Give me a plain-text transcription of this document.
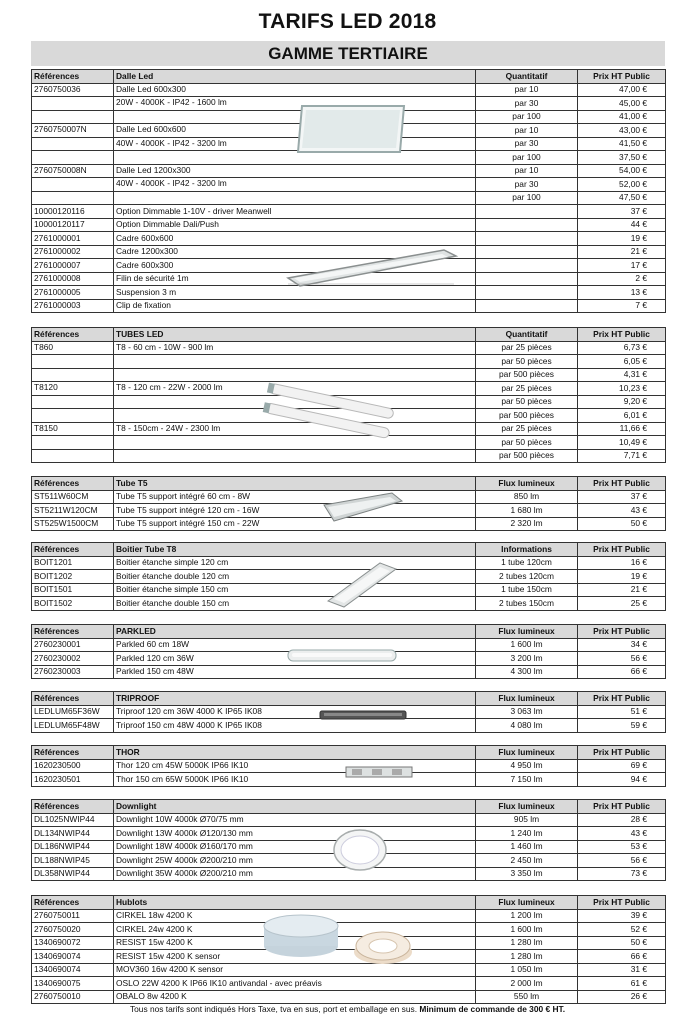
TARIFS LED 2018
GAMME TERTIAIRE
Références	Dalle Led	Quantitatif	Prix HT Public
2760750036	Dalle Led 600x300	par 10	47,00 €
	20W - 4000K - IP42 - 1600 lm	par 30	45,00 €
		par 100	41,00 €
2760750007N	Dalle Led 600x600	par 10	43,00 €
	40W - 4000K - IP42 - 3200 lm	par 30	41,50 €
		par 100	37,50 €
2760750008N	Dalle Led 1200x300	par 10	54,00 €
	40W - 4000K - IP42 - 3200 lm	par 30	52,00 €
		par 100	47,50 €
10000120116	Option Dimmable 1-10V - driver Meanwell		37 €
10000120117	Option Dimmable Dali/Push		44 €
2761000001	Cadre 600x600		19 €
2761000002	Cadre 1200x300		21 €
2761000007	Cadre 600x300		17 €
2761000008	Filin de sécurité 1m		2 €
2761000005	Suspension 3 m		13 €
2761000003	Clip de fixation		7 €
Références	TUBES LED	Quantitatif	Prix HT Public
T860	T8 - 60 cm - 10W - 900 lm	par 25 pièces	6,73 €
		par 50 pièces	6,05 €
		par 500 pièces	4,31 €
T8120	T8 - 120 cm - 22W - 2000 lm	par 25 pièces	10,23 €
		par 50 pièces	9,20 €
		par 500 pièces	6,01 €
T8150	T8 - 150cm - 24W - 2300 lm	par 25 pièces	11,66 €
		par 50 pièces	10,49 €
		par 500 pièces	7,71 €
Références	Tube T5	Flux lumineux	Prix HT Public
ST511W60CM	Tube T5 support intégré 60 cm - 8W	850 lm	37 €
ST5211W120CM	Tube T5 support intégré 120 cm - 16W	1 680 lm	43 €
ST525W1500CM	Tube T5 support intégré 150 cm - 22W	2 320 lm	50 €
Références	Boitier Tube T8	Informations	Prix HT Public
BOIT1201	Boitier étanche simple 120 cm	1 tube 120cm	16 €
BOIT1202	Boitier étanche double 120 cm	2 tubes 120cm	19 €
BOIT1501	Boitier étanche simple 150 cm	1 tube 150cm	21 €
BOIT1502	Boitier étanche double 150 cm	2 tubes 150cm	25 €
Références	PARKLED	Flux lumineux	Prix HT Public
2760230001	Parkled 60 cm 18W	1 600 lm	34 €
2760230002	Parkled 120 cm 36W	3 200 lm	56 €
2760230003	Parkled 150 cm 48W	4 300 lm	66 €
Références	TRIPROOF	Flux lumineux	Prix HT Public
LEDLUM65F36W	Triproof 120 cm 36W 4000 K IP65 IK08	3 063 lm	51 €
LEDLUM65F48W	Triproof 150 cm 48W 4000 K IP65 IK08	4 080 lm	59 €
Références	THOR	Flux lumineux	Prix HT Public
1620230500	Thor 120 cm 45W 5000K IP66 IK10	4 950 lm	69 €
1620230501	Thor 150 cm 65W 5000K IP66 IK10	7 150 lm	94 €
Références	Downlight	Flux lumineux	Prix HT Public
DL1025NWIP44	Downlight 10W 4000k Ø70/75 mm	905 lm	28 €
DL134NWIP44	Downlight 13W 4000k Ø120/130 mm	1 240 lm	43 €
DL186NWIP44	Downlight 18W 4000k Ø160/170 mm	1 460 lm	53 €
DL188NWIP45	Downlight 25W 4000k Ø200/210 mm	2 450 lm	56 €
DL358NWIP44	Downlight 35W 4000k Ø200/210 mm	3 350 lm	73 €
Références	Hublots	Flux lumineux	Prix HT Public
2760750011	CIRKEL 18w 4200 K	1 200 lm	39 €
2760750020	CIRKEL 24w 4200 K	1 600 lm	52 €
1340690072	RESIST 15w 4200 K	1 280 lm	50 €
1340690074	RESIST 15w 4200 K sensor	1 280 lm	66 €
1340690074	MOV360 16w 4200 K sensor	1 050 lm	31 €
1340690075	OSLO 22W 4200 K IP66 IK10 antivandal - avec préavis	2 000 lm	61 €
2760750010	OBALO 8w 4200 K	550 lm	26 €
Tous nos tarifs sont indiqués Hors Taxe, tva en sus, port et emballage en sus. Minimum de commande de 300 € HT.
